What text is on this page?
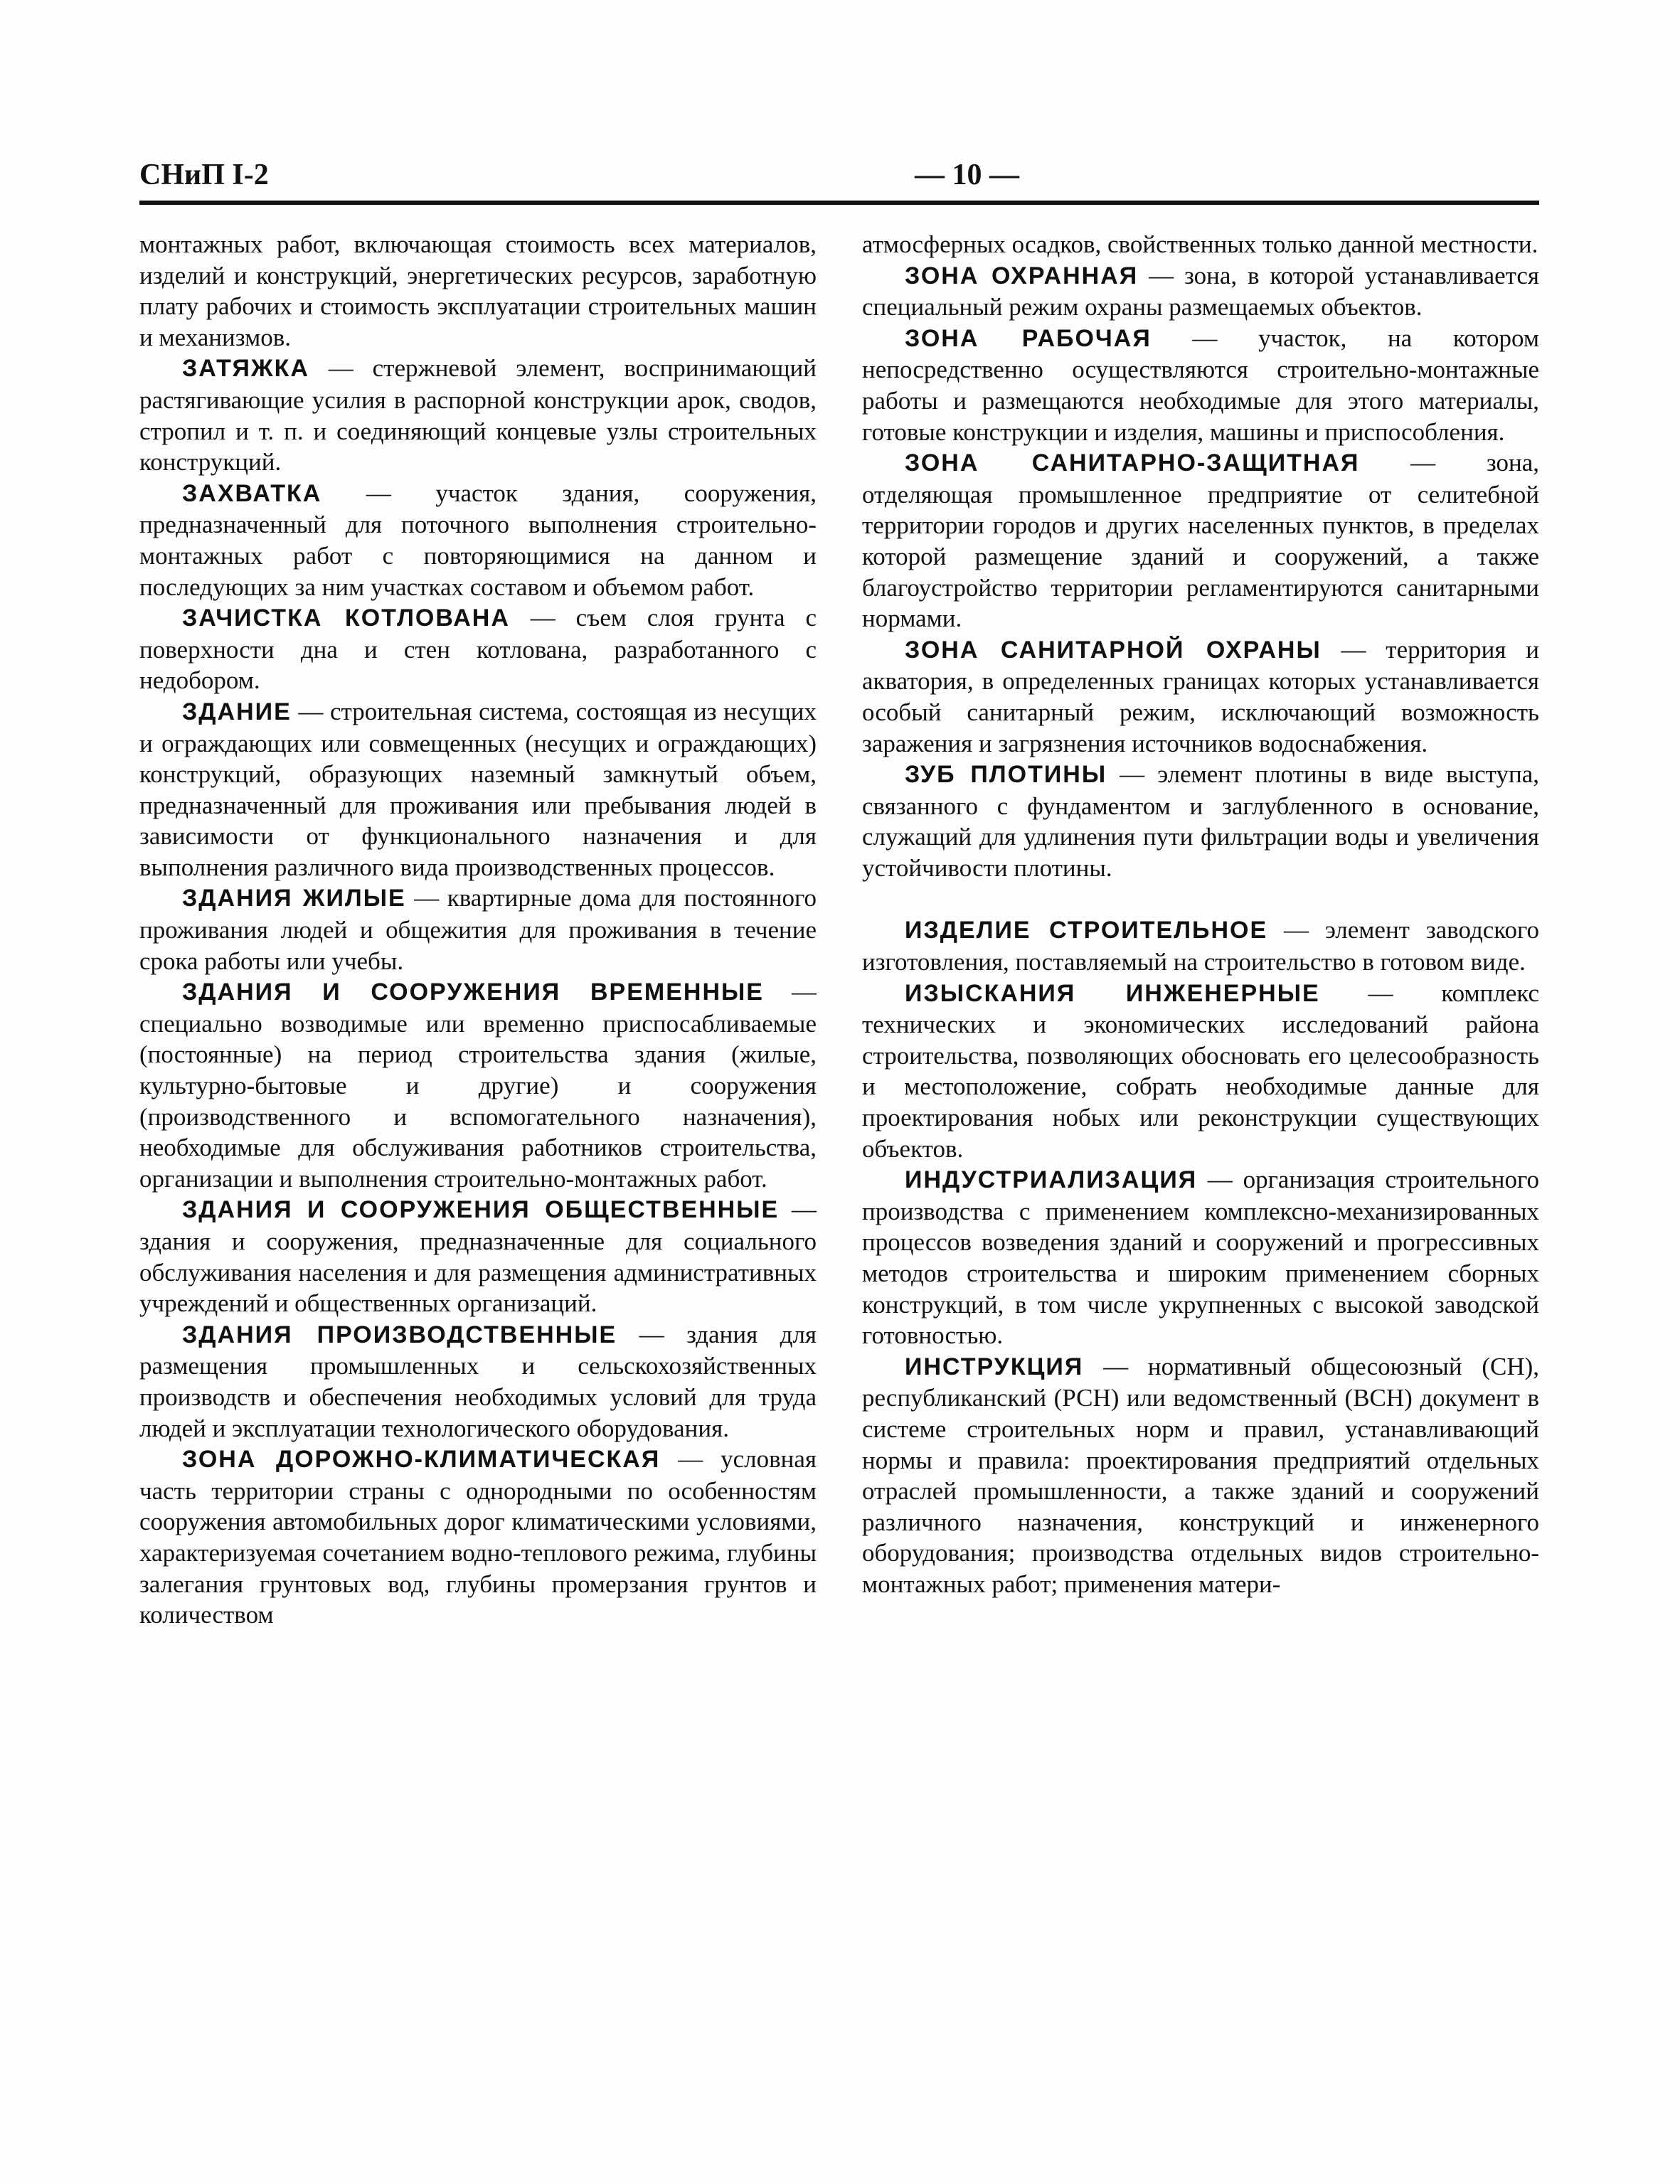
СНиП I-2	— 10 —

монтажных работ, включающая стоимость всех материалов, изделий и конструкций, энергетических ресурсов, заработную плату рабочих и стоимость эксплуатации строительных машин и механизмов.

ЗАТЯЖКА — стержневой элемент, воспринимающий растягивающие усилия в распорной конструкции арок, сводов, стропил и т. п. и соединяющий концевые узлы строительных конструкций.

ЗАХВАТКА — участок здания, сооружения, предназначенный для поточного выполнения строительно-монтажных работ с повторяющимися на данном и последующих за ним участках составом и объемом работ.

ЗАЧИСТКА КОТЛОВАНА — съем слоя грунта с поверхности дна и стен котлована, разработанного с недобором.

ЗДАНИЕ — строительная система, состоящая из несущих и ограждающих или совмещенных (несущих и ограждающих) конструкций, образующих наземный замкнутый объем, предназначенный для проживания или пребывания людей в зависимости от функционального назначения и для выполнения различного вида производственных процессов.

ЗДАНИЯ ЖИЛЫЕ — квартирные дома для постоянного проживания людей и общежития для проживания в течение срока работы или учебы.

ЗДАНИЯ И СООРУЖЕНИЯ ВРЕМЕННЫЕ — специально возводимые или временно приспосабливаемые (постоянные) на период строительства здания (жилые, культурно-бытовые и другие) и сооружения (производственного и вспомогательного назначения), необходимые для обслуживания работников строительства, организации и выполнения строительно-монтажных работ.

ЗДАНИЯ И СООРУЖЕНИЯ ОБЩЕСТВЕННЫЕ — здания и сооружения, предназначенные для социального обслуживания населения и для размещения административных учреждений и общественных организаций.

ЗДАНИЯ ПРОИЗВОДСТВЕННЫЕ — здания для размещения промышленных и сельскохозяйственных производств и обеспечения необходимых условий для труда людей и эксплуатации технологического оборудования.

ЗОНА ДОРОЖНО-КЛИМАТИЧЕСКАЯ — условная часть территории страны с однородными по особенностям сооружения автомобильных дорог климатическими условиями, характеризуемая сочетанием водно-теплового режима, глубины залегания грунтовых вод, глубины промерзания грунтов и количеством

атмосферных осадков, свойственных только данной местности.

ЗОНА ОХРАННАЯ — зона, в которой устанавливается специальный режим охраны размещаемых объектов.

ЗОНА РАБОЧАЯ — участок, на котором непосредственно осуществляются строительно-монтажные работы и размещаются необходимые для этого материалы, готовые конструкции и изделия, машины и приспособления.

ЗОНА САНИТАРНО-ЗАЩИТНАЯ — зона, отделяющая промышленное предприятие от селитебной территории городов и других населенных пунктов, в пределах которой размещение зданий и сооружений, а также благоустройство территории регламентируются санитарными нормами.

ЗОНА САНИТАРНОЙ ОХРАНЫ — территория и акватория, в определенных границах которых устанавливается особый санитарный режим, исключающий возможность заражения и загрязнения источников водоснабжения.

ЗУБ ПЛОТИНЫ — элемент плотины в виде выступа, связанного с фундаментом и заглубленного в основание, служащий для удлинения пути фильтрации воды и увеличения устойчивости плотины.

ИЗДЕЛИЕ СТРОИТЕЛЬНОЕ — элемент заводского изготовления, поставляемый на строительство в готовом виде.

ИЗЫСКАНИЯ ИНЖЕНЕРНЫЕ — комплекс технических и экономических исследований района строительства, позволяющих обосновать его целесообразность и местоположение, собрать необходимые данные для проектирования нобых или реконструкции существующих объектов.

ИНДУСТРИАЛИЗАЦИЯ — организация строительного производства с применением комплексно-механизированных процессов возведения зданий и сооружений и прогрессивных методов строительства и широким применением сборных конструкций, в том числе укрупненных с высокой заводской готовностью.

ИНСТРУКЦИЯ — нормативный общесоюзный (СН), республиканский (РСН) или ведомственный (ВСН) документ в системе строительных норм и правил, устанавливающий нормы и правила: проектирования предприятий отдельных отраслей промышленности, а также зданий и сооружений различного назначения, конструкций и инженерного оборудования; производства отдельных видов строительно-монтажных работ; применения матери-
